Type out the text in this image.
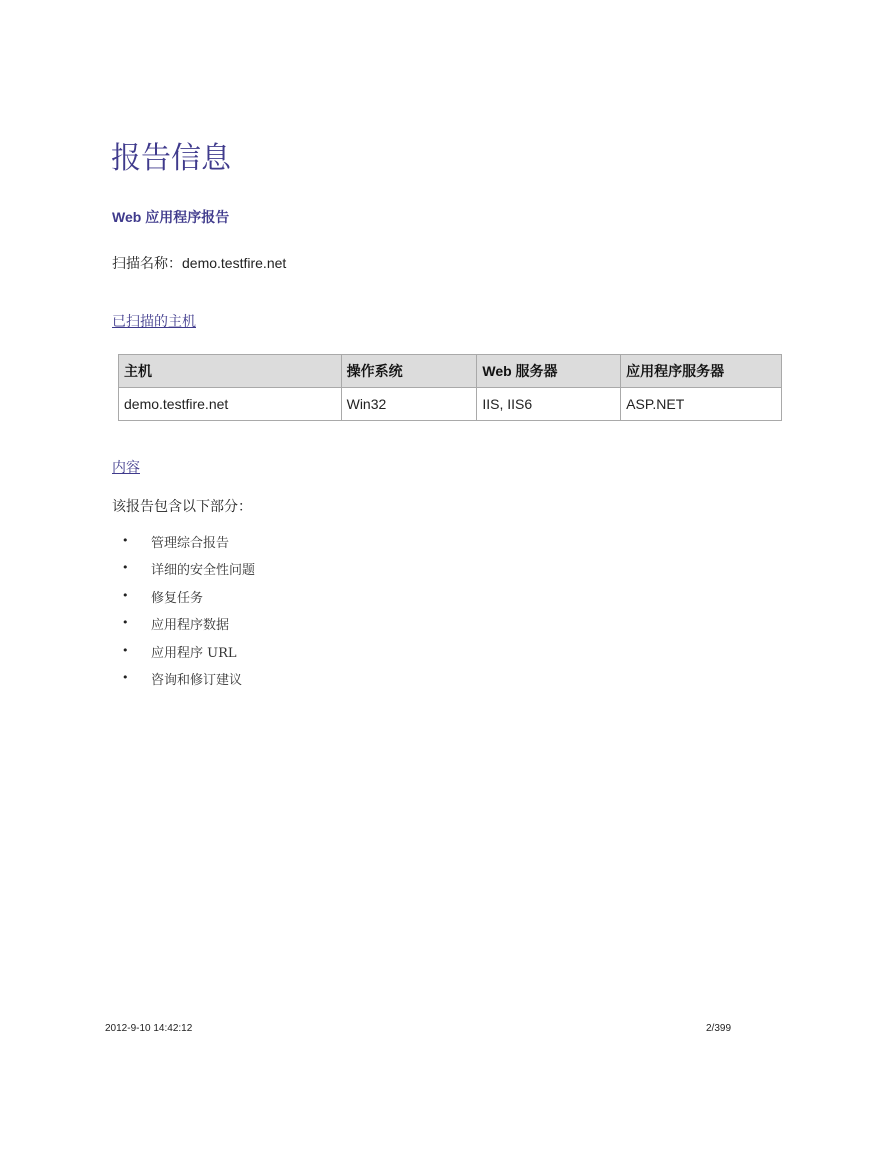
报告信息
Web 应用程序报告
扫描名称：demo.testfire.net
已扫描的主机
主机	操作系统	Web 服务器	应用程序服务器
demo.testfire.net	Win32	IIS, IIS6	ASP.NET
内容
该报告包含以下部分：
•	管理综合报告
•	详细的安全性问题
•	修复任务
•	应用程序数据
•	应用程序 URL
•	咨询和修订建议
2012-9-10 14:42:12	2/399
